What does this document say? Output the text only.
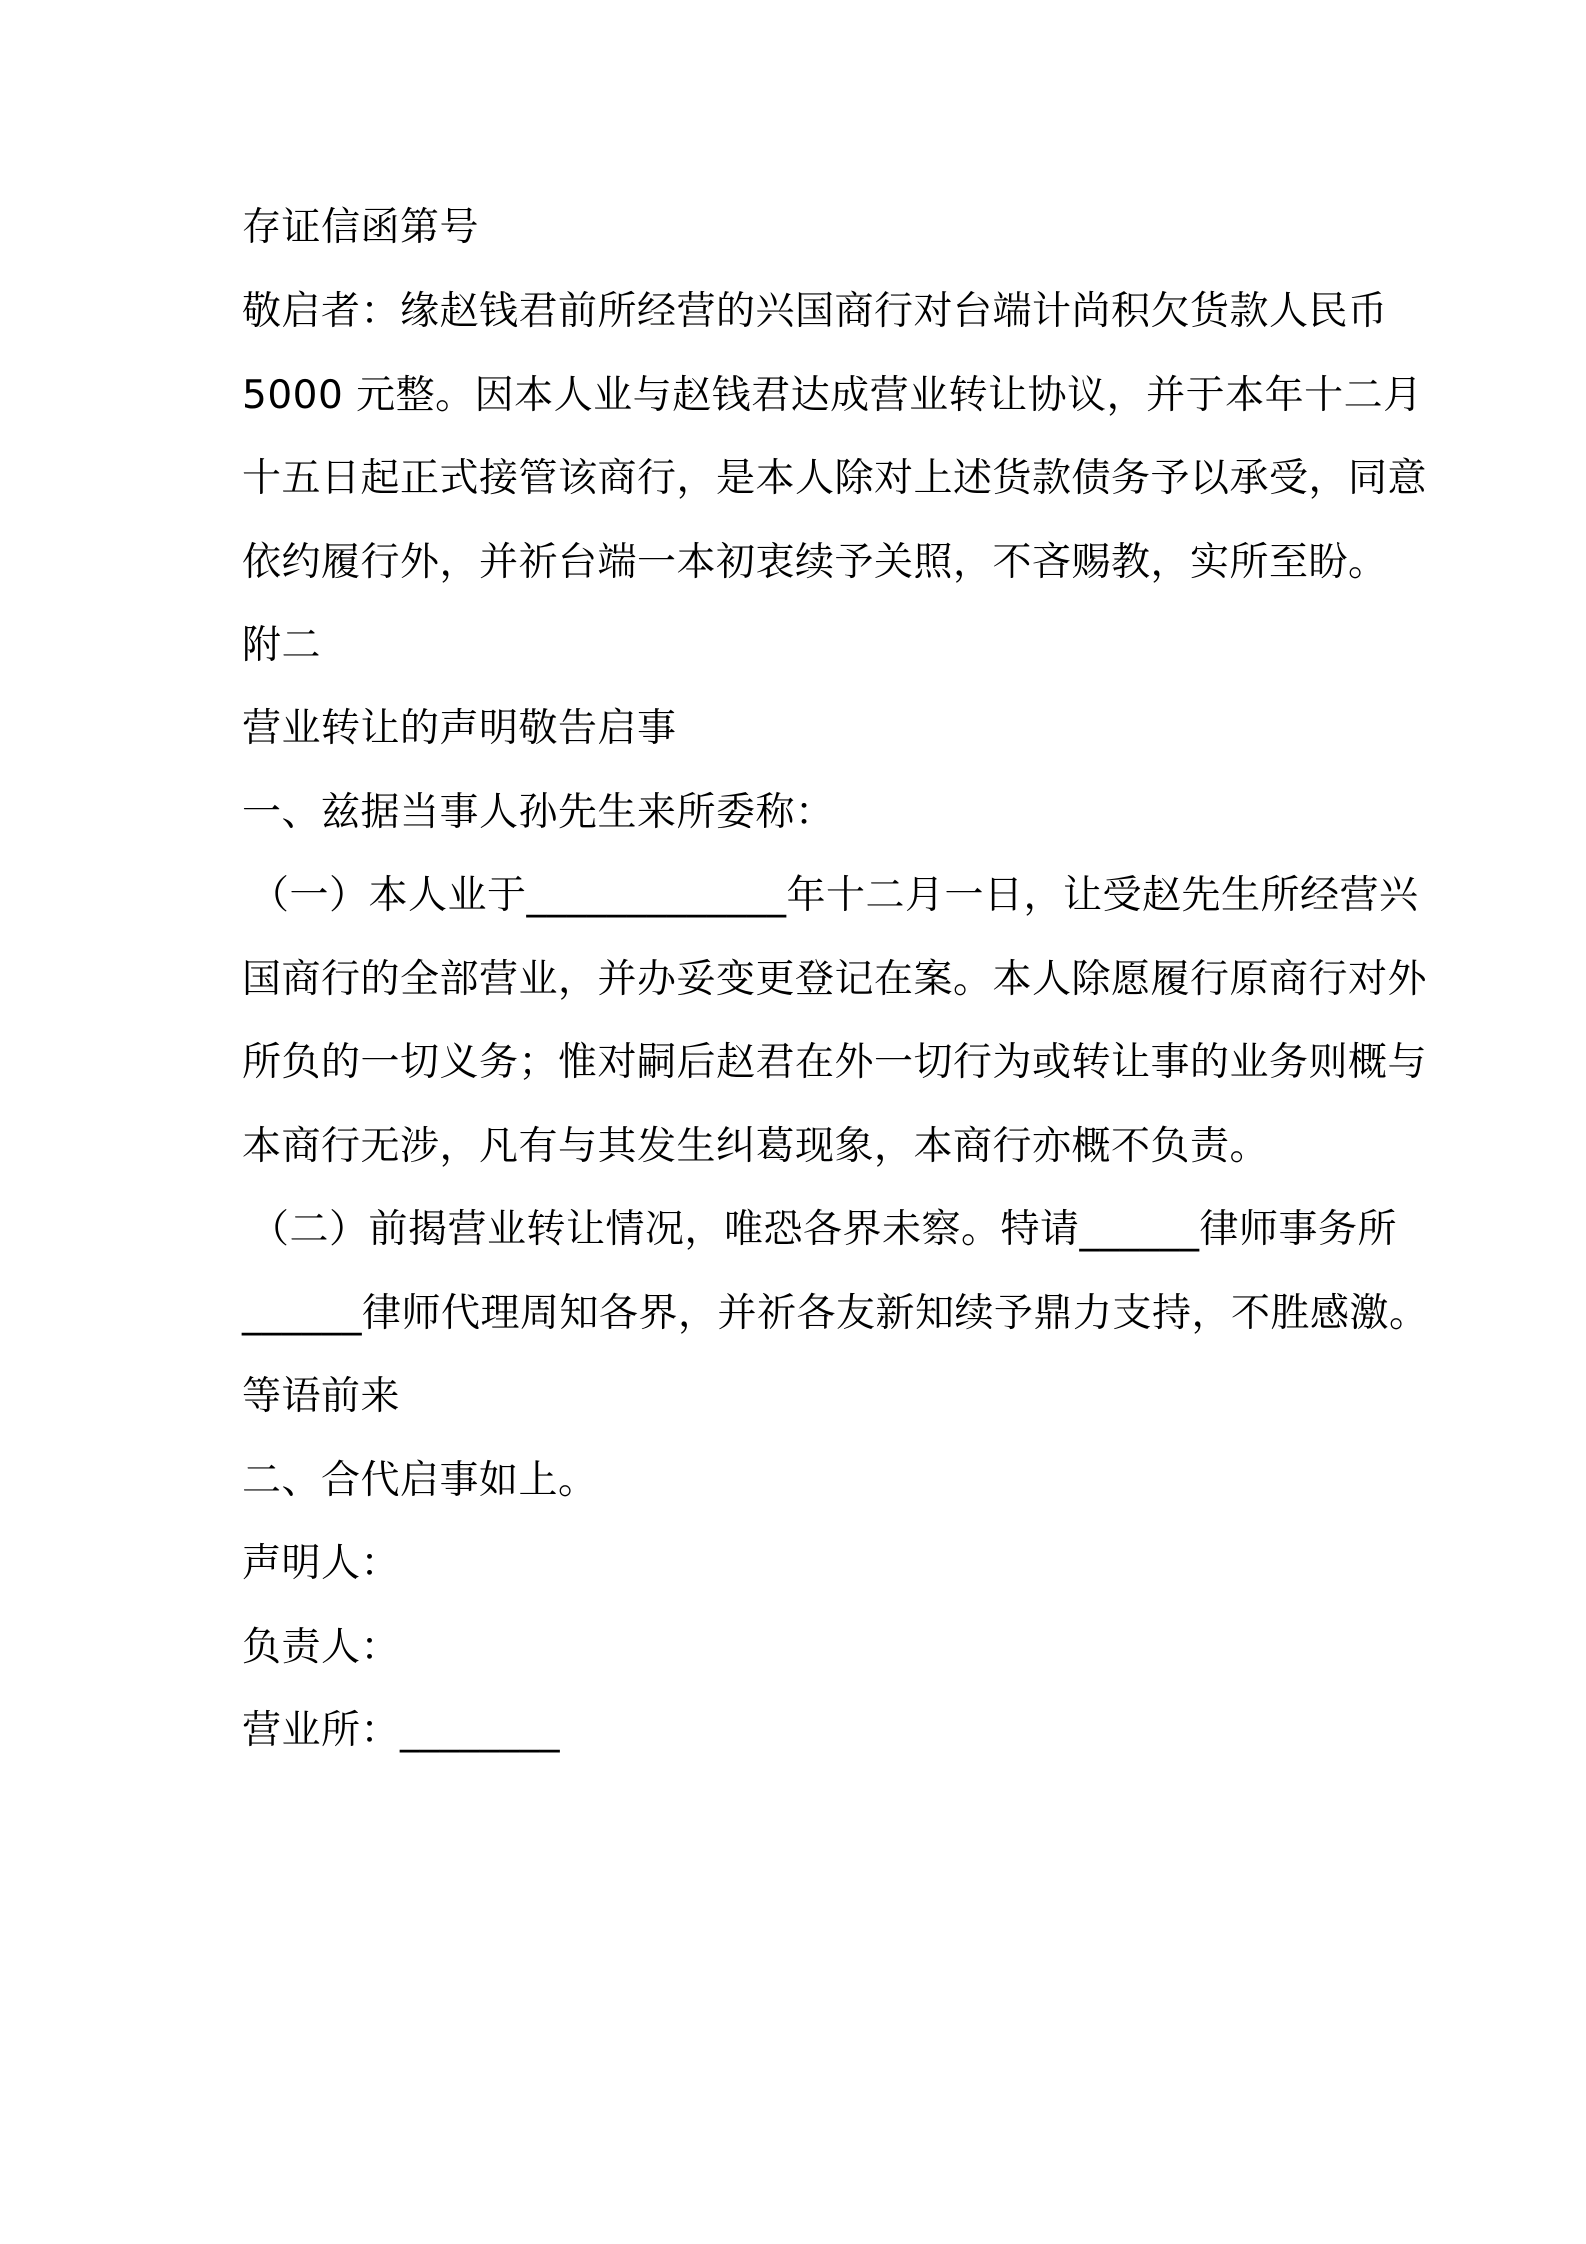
存证信函第号
敬启者：缘赵钱君前所经营的兴国商行对台端计尚积欠货款人民币
5000 元整。因本人业与赵钱君达成营业转让协议，并于本年十二月
十五日起正式接管该商行，是本人除对上述货款债务予以承受，同意
依约履行外，并祈台端一本初衷续予关照，不吝赐教，实所至盼。
附二
营业转让的声明敬告启事
一、兹据当事人孙先生来所委称：
（一）本人业于_____________年十二月一日，让受赵先生所经营兴
国商行的全部营业，并办妥变更登记在案。本人除愿履行原商行对外
所负的一切义务；惟对嗣后赵君在外一切行为或转让事的业务则概与
本商行无涉，凡有与其发生纠葛现象，本商行亦概不负责。
（二）前揭营业转让情况，唯恐各界未察。特请______律师事务所
______律师代理周知各界，并祈各友新知续予鼎力支持，不胜感激。
等语前来
二、合代启事如上。
声明人：
负责人：
营业所：________
